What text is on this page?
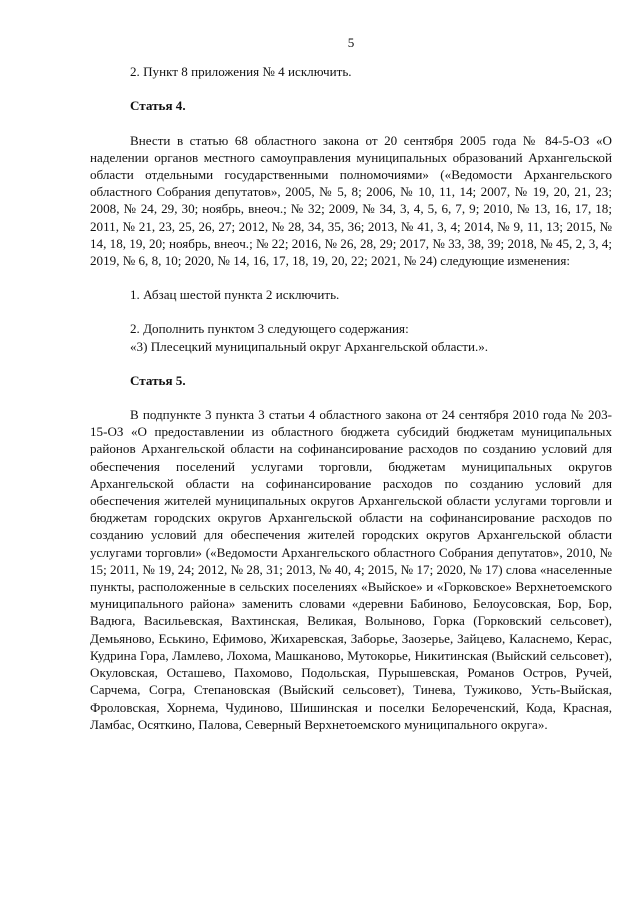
5

2. Пункт 8 приложения № 4 исключить.

Статья 4.

Внести в статью 68 областного закона от 20 сентября 2005 года № 84-5-ОЗ «О наделении органов местного самоуправления муниципальных образований Архангельской области отдельными государственными полномочиями» («Ведомости Архангельского областного Собрания депутатов», 2005, № 5, 8; 2006, № 10, 11, 14; 2007, № 19, 20, 21, 23; 2008, № 24, 29, 30; ноябрь, внеоч.; № 32; 2009, № 34, 3, 4, 5, 6, 7, 9; 2010, № 13, 16, 17, 18; 2011, № 21, 23, 25, 26, 27; 2012, № 28, 34, 35, 36; 2013, № 41, 3, 4; 2014, № 9, 11, 13; 2015, № 14, 18, 19, 20; ноябрь, внеоч.; № 22; 2016, № 26, 28, 29; 2017, № 33, 38, 39; 2018, № 45, 2, 3, 4; 2019, № 6, 8, 10; 2020, № 14, 16, 17, 18, 19, 20, 22; 2021, № 24) следующие изменения:

1. Абзац шестой пункта 2 исключить.

2. Дополнить пунктом 3 следующего содержания:

«3) Плесецкий муниципальный округ Архангельской области.».

Статья 5.

В подпункте 3 пункта 3 статьи 4 областного закона от 24 сентября 2010 года № 203-15-ОЗ «О предоставлении из областного бюджета субсидий бюджетам муниципальных районов Архангельской области на софинансирование расходов по созданию условий для обеспечения поселений услугами торговли, бюджетам муниципальных округов Архангельской области на софинансирование расходов по созданию условий для обеспечения жителей муниципальных округов Архангельской области услугами торговли и бюджетам городских округов Архангельской области на софинансирование расходов по созданию условий для обеспечения жителей городских округов Архангельской области услугами торговли» («Ведомости Архангельского областного Собрания депутатов», 2010, № 15; 2011, № 19, 24; 2012, № 28, 31; 2013, № 40, 4; 2015, № 17; 2020, № 17) слова «населенные пункты, расположенные в сельских поселениях «Выйское» и «Горковское» Верхнетоемского муниципального района» заменить словами «деревни Бабиново, Белоусовская, Бор, Бор, Вадюга, Васильевская, Вахтинская, Великая, Волыново, Горка (Горковский сельсовет), Демьяново, Еськино, Ефимово, Жихаревская, Заборье, Заозерье, Зайцево, Каласнемо, Керас, Кудрина Гора, Ламлево, Лохома, Машканово, Мутокорье, Никитинская (Выйский сельсовет), Окуловская, Осташево, Пахомово, Подольская, Пурышевская, Романов Остров, Ручей, Сарчема, Согра, Степановская (Выйский сельсовет), Тинева, Тужиково, Усть-Выйская, Фроловская, Хорнема, Чудиново, Шишинская и поселки Белореченский, Кода, Красная, Ламбас, Осяткино, Палова, Северный Верхнетоемского муниципального округа».
